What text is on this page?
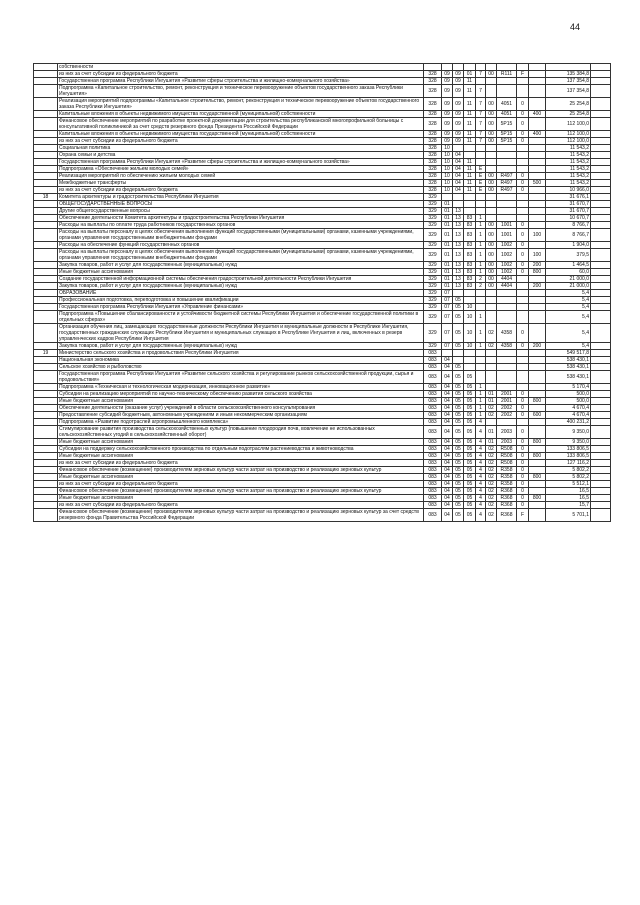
44
	собственности											
	из них за счет субсидии из федерального бюджета	328	09	09	01	7	00	R111	F		135 384,8	
	Государственная программа Республики Ингушетия «Развитие сферы строительства и жилищно-коммунального хозяйства»	328	09	09	11						137 354,8	
	Подпрограмма «Капитальное строительство, ремонт, реконструкция и техническое перевооружение объектов государственного заказа Республики Ингушетия»	328	09	09	11	7					137 354,8	
	Реализация мероприятий подпрограммы «Капитальное строительство, ремонт, реконструкция и техническое перевооружение объектов государственного заказа Республики Ингушетия»	328	09	09	11	7	00	4051	0		25 254,8	
	Капитальные вложения в объекты недвижимого имущества государственной (муниципальной) собственности	328	09	09	11	7	00	4051	0	400	25 254,8	
	Финансовое обеспечение мероприятий по разработке проектной документации для строительства республиканской многопрофильной больницы с консультативной поликлиникой за счет средств резервного фонда Президента Российской Федерации	328	09	09	11	7	00	5Р15	0		112 100,0	
	Капитальные вложения в объекты недвижимого имущества государственной (муниципальной) собственности	328	09	09	11	7	00	5Р15	0	400	112 100,0	
	из них за счет субсидии из федерального бюджета	328	09	09	11	7	00	5Р15	0		112 100,0	
	Социальная политика	328	10								11 543,2	
	Охрана семьи и детства	328	10	04							11 543,2	
	Государственная программа Республики Ингушетия «Развитие сферы строительства и жилищно-коммунального хозяйства»	328	10	04	11						11 543,2	
	Подпрограмма «Обеспечение жильем молодых семей»	328	10	04	11	Е					11 543,2	
	Реализация мероприятий по обеспечению жильем молодых семей	328	10	04	11	Е	00	R497	0		11 543,2	
	Межбюджетные трансферты	328	10	04	11	Е	00	R497	0	500	11 543,2	
	из них за счет субсидии из федерального бюджета	328	10	04	11	Е	00	R497	0		10 966,0	
18	Комитета архитектуры и градостроительства Республики Ингушетия	329									31 676,1	
	ОБЩЕГОСУДАРСТВЕННЫЕ ВОПРОСЫ	329	01								31 670,7	
	Другие общегосударственные вопросы	329	01	13							31 670,7	
	Обеспечение деятельности Комитета архитектуры и градостроительства Республики Ингушетия	329	01	13	83	1					10 670,7	
	Расходы на выплаты по оплате труда работников государственных органов	329	01	13	83	1	00	1001	0		8 766,7	
	Расходы на выплаты персоналу в целях обеспечения выполнения функций государственными (муниципальными) органами, казенными учреждениями, органами управления государственными внебюджетными фондами	329	01	13	83	1	00	1001	0	100	8 766,7	
	Расходы на обеспечение функций государственных органов	329	01	13	83	1	00	1002	0		1 904,0	
	Расходы на выплаты персоналу в целях обеспечения выполнения функций государственными (муниципальными) органами, казенными учреждениями, органами управления государственными внебюджетными фондами	329	01	13	83	1	00	1002	0	100	379,5	
	Закупка товаров, работ и услуг для государственных (муниципальных) нужд	329	01	13	83	1	00	1002	0	200	1 464,5	
	Иные бюджетные ассигнования	329	01	13	83	1	00	1002	0	800	60,0	
	Создание государственной информационной системы обеспечения градостроительной деятельности Республики Ингушетия	329	01	13	83	2	00	4404			21 000,0	
	Закупка товаров, работ и услуг для государственных (муниципальных) нужд	329	01	13	83	2	00	4404		200	21 000,0	
	ОБРАЗОВАНИЕ	329	07								5,4	
	Профессиональная подготовка, переподготовка и повышение квалификации	329	07	05							5,4	
	Государственная программа Республики Ингушетия «Управление финансами»	329	07	05	10						5,4	
	Подпрограмма «Повышение сбалансированности и устойчивости бюджетной системы Республики Ингушетия и обеспечение государственной политики в отдельных сферах»	329	07	05	10	1					5,4	
	Организация обучения лиц, замещающих государственные должности Республики Ингушетия и муниципальные должности в Республике Ингушетия, государственных гражданских служащих Республики Ингушетия и муниципальных служащих в Республике Ингушетия и лиц, включенных в резерв управленческих кадров Республики Ингушетия	329	07	05	10	1	02	4358	0		5,4	
	Закупка товаров, работ и услуг для государственных (муниципальных) нужд	329	07	05	10	1	02	4358	0	200	5,4	
19	Министерство сельского хозяйства и продовольствия Республики Ингушетия	083									549 517,8	
	Национальная экономика	083	04								538 430,1	
	Сельское хозяйство и рыболовство	083	04	05							538 430,1	
	Государственная программа Республики Ингушетия «Развитие сельского хозяйства и регулирование рынков сельскохозяйственной продукции, сырья и продовольствия»	083	04	05	05						538 430,1	
	Подпрограмма «Техническая и технологическая модернизация, инновационное развитие»	083	04	05	05	1					5 170,4	
	Субсидии на реализацию мероприятий по научно-техническому обеспечению развития сельского хозяйства	083	04	05	05	1	01	2001	0		500,0	
	Иные бюджетные ассигнования	083	04	05	05	1	01	2001	0	800	500,0	
	Обеспечение деятельности (оказание услуг) учреждений в области сельскохозяйственного консультирования	083	04	05	05	1	02	2002	0		4 670,4	
	Предоставление субсидий бюджетным, автономным учреждениям и иным некоммерческим организациям	083	04	05	05	1	02	2002	0	600	4 670,4	
	Подпрограмма «Развитие подотраслей агропромышленного комплекса»	083	04	05	05	4					400 231,2	
	Стимулирование развития производства сельскохозяйственных культур (повышение плодородия почв, вовлечение не использованных сельскохозяйственных угодий в сельскохозяйственный оборот)	083	04	05	05	4	01	2003	0		9 350,0	
	Иные бюджетные ассигнования	083	04	05	05	4	01	2003	0	800	9 350,0	
	Субсидии на поддержку сельскохозяйственного производства по отдельным подотраслям растениеводства и животноводства	083	04	05	05	4	02	R508	0		133 806,5	
	Иные бюджетные ассигнования	083	04	05	05	4	02	R508	0	800	133 806,5	
	из них за счет субсидии из федерального бюджета	083	04	05	05	4	02	R508	0		127 116,2	
	Финансовое обеспечение (возмещение) производителям зерновых культур части затрат на производство и реализацию зерновых культур	083	04	05	05	4	02	R358	0		5 802,2	
	Иные бюджетные ассигнования	083	04	05	05	4	02	R358	0	800	5 802,2	
	из них за счет субсидии из федерального бюджета	083	04	05	05	4	02	R358	0		5 512,1	
	Финансовое обеспечение (возмещение) производителям зерновых культур части затрат на производство и реализацию зерновых культур	083	04	05	05	4	02	R368	0		16,5	
	Иные бюджетные ассигнования	083	04	05	05	4	02	R368	0	800	16,5	
	из них за счет субсидии из федерального бюджета	083	04	05	05	4	02	R368	0		15,7	
	Финансовое обеспечение (возмещение) производителям зерновых культур части затрат на производство и реализацию зерновых культур за счет средств резервного фонда Правительства Российской Федерации	083	04	05	05	4	02	R368	F		5 701,1	
